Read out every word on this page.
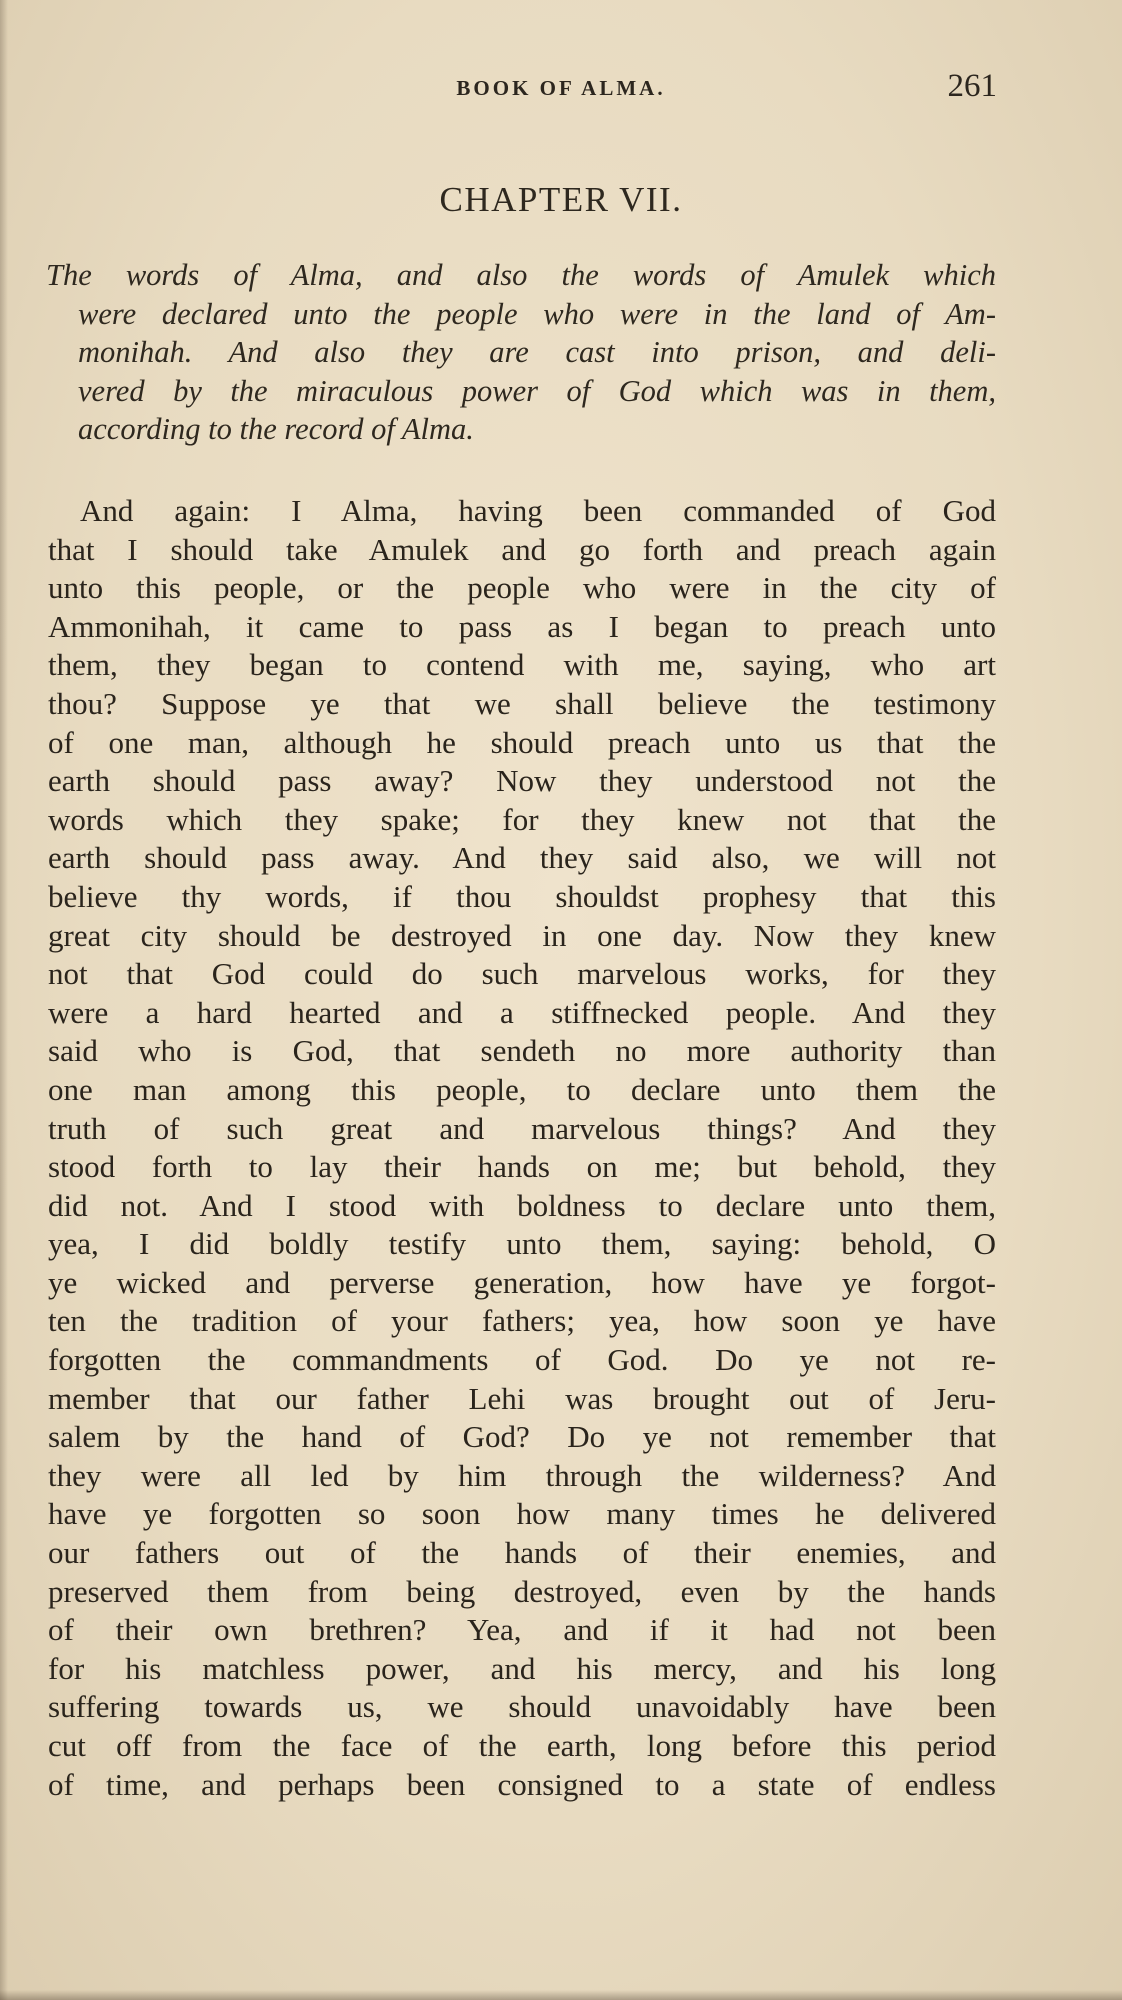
BOOK OF ALMA.	261
CHAPTER VII.
The words of Alma, and also the words of Amulek which
were declared unto the people who were in the land of Am-
monihah. And also they are cast into prison, and deli-
vered by the miraculous power of God which was in them,
according to the record of Alma.
And again: I Alma, having been commanded of God
that I should take Amulek and go forth and preach again
unto this people, or the people who were in the city of
Ammonihah, it came to pass as I began to preach unto
them, they began to contend with me, saying, who art
thou? Suppose ye that we shall believe the testimony
of one man, although he should preach unto us that the
earth should pass away? Now they understood not the
words which they spake; for they knew not that the
earth should pass away. And they said also, we will not
believe thy words, if thou shouldst prophesy that this
great city should be destroyed in one day. Now they knew
not that God could do such marvelous works, for they
were a hard hearted and a stiffnecked people. And they
said who is God, that sendeth no more authority than
one man among this people, to declare unto them the
truth of such great and marvelous things? And they
stood forth to lay their hands on me; but behold, they
did not. And I stood with boldness to declare unto them,
yea, I did boldly testify unto them, saying: behold, O
ye wicked and perverse generation, how have ye forgot-
ten the tradition of your fathers; yea, how soon ye have
forgotten the commandments of God. Do ye not re-
member that our father Lehi was brought out of Jeru-
salem by the hand of God? Do ye not remember that
they were all led by him through the wilderness? And
have ye forgotten so soon how many times he delivered
our fathers out of the hands of their enemies, and
preserved them from being destroyed, even by the hands
of their own brethren? Yea, and if it had not been
for his matchless power, and his mercy, and his long
suffering towards us, we should unavoidably have been
cut off from the face of the earth, long before this period
of time, and perhaps been consigned to a state of endless
